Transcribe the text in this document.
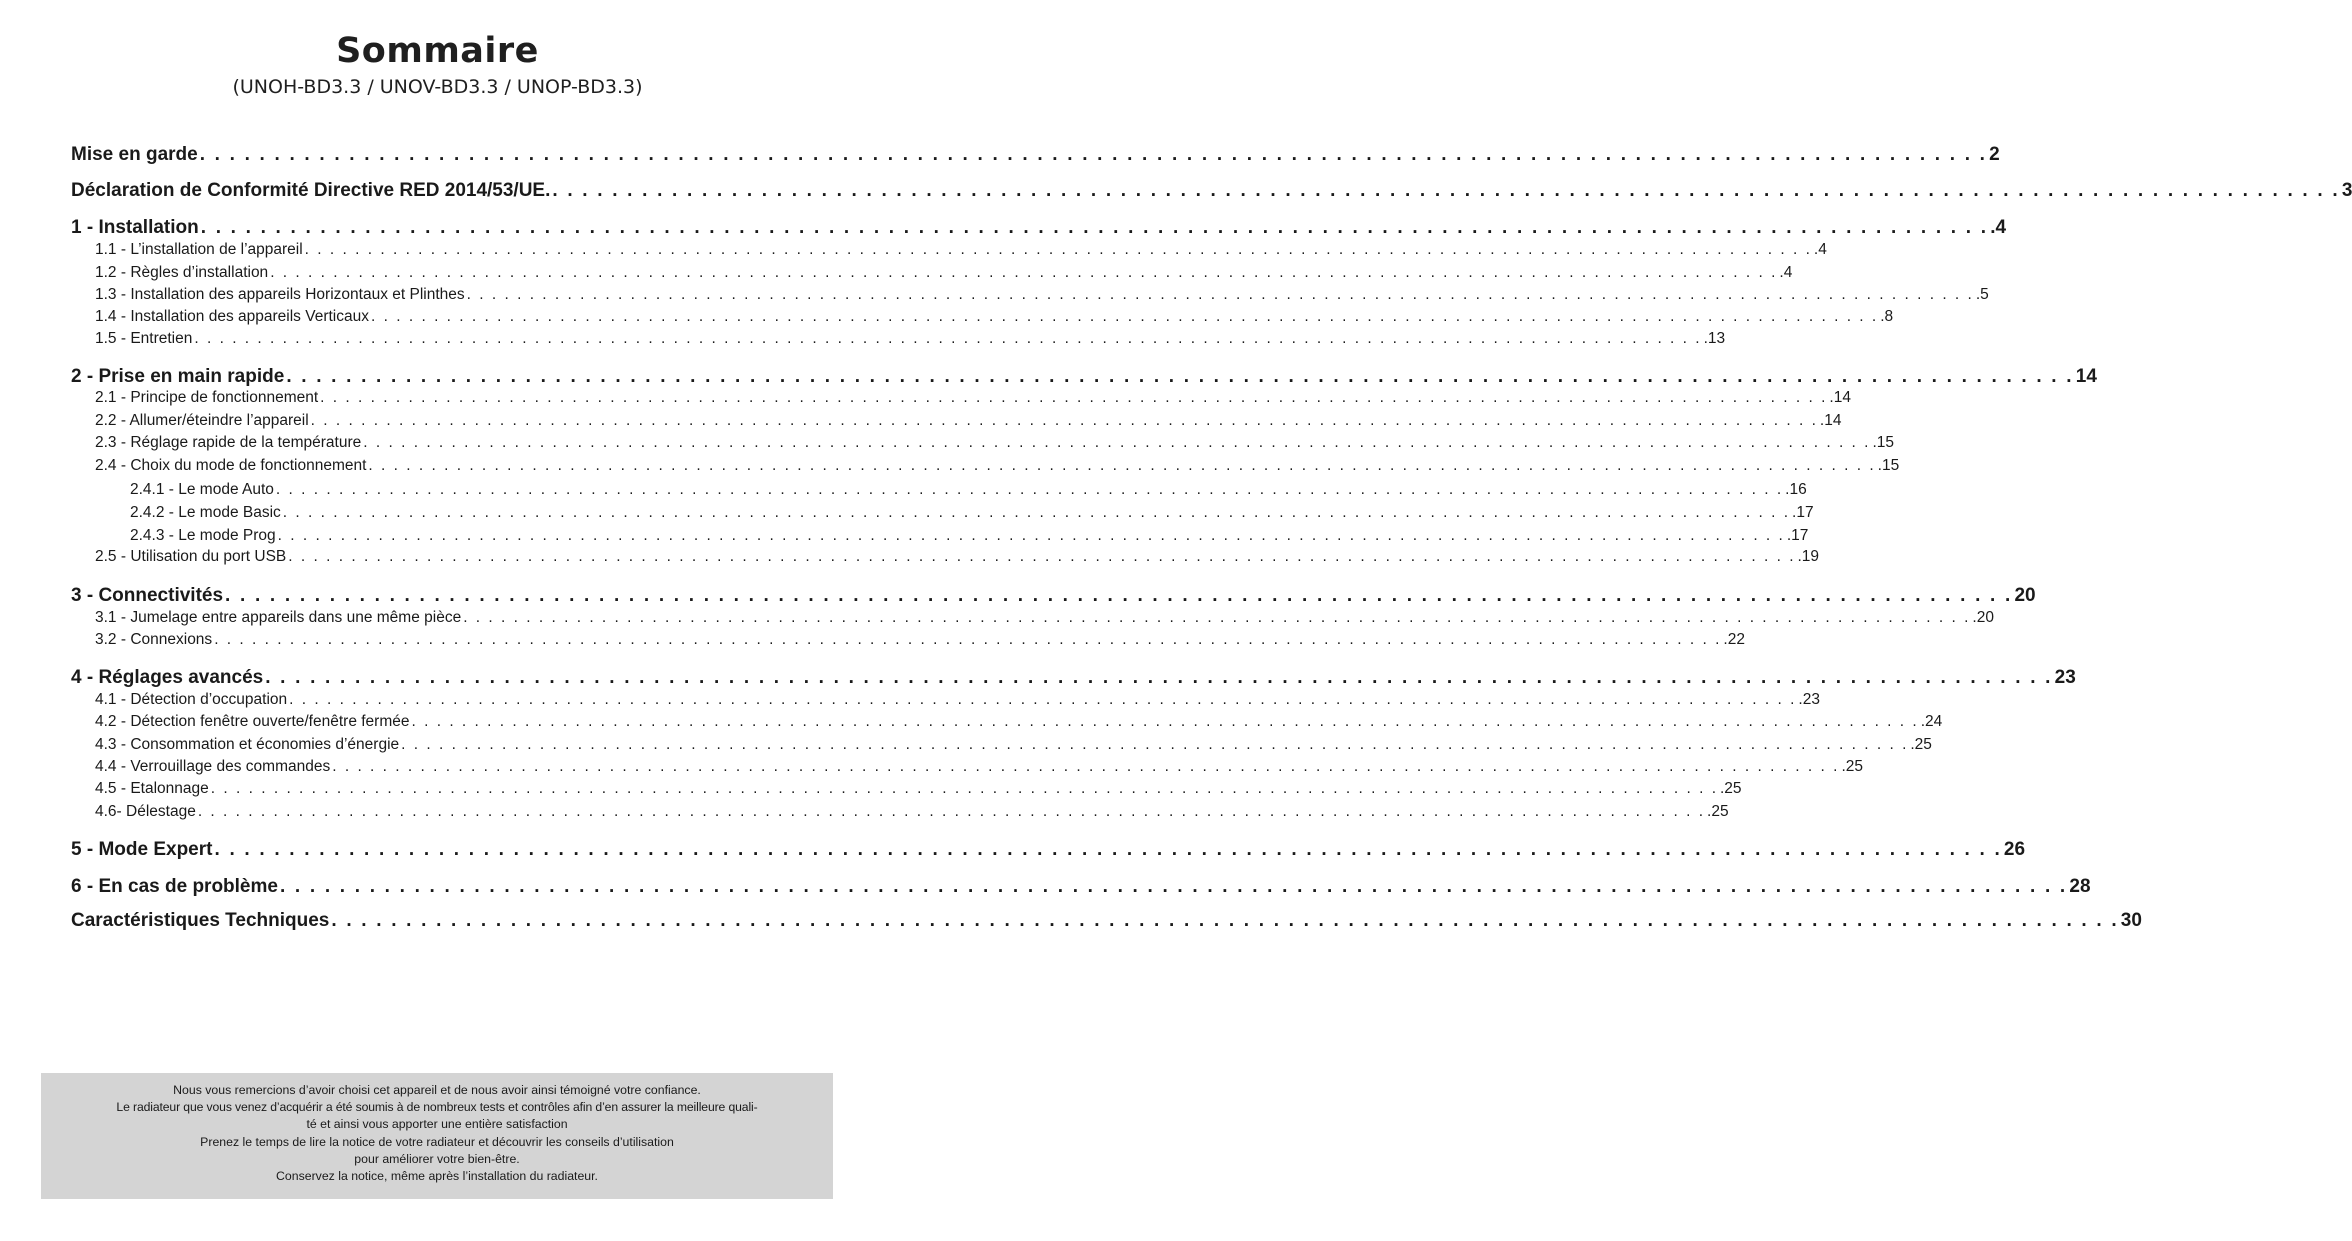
Sommaire
(UNOH-BD3.3 / UNOV-BD3.3 / UNOP-BD3.3)
Mise en garde . . . . . . . . . . . . . . . . . . . . . . . . . . . . . . . . . . . . . . . . . . . . . . . . . . . . . . . . . . . . . . . . . . . . . . . . . . . . . . . . . . . . . . . . . . . . . . . . . . . . . . . . . . . . . . . . . . . . . . . . 2
Déclaration de Conformité Directive RED 2014/53/UE. . . . . . . . . . . . . . . . . . . . . . . . . . . . . . . . . . . . . . . . . . . . . . . . . . . . . . . . . . . . . . . . . . . . . . . . . . . . . . . . . . . . . . . . . . . . . . . . . . . . . . . . . . . . . . . . . . . . . . . . . 3
1 - Installation . . . . . . . . . . . . . . . . . . . . . . . . . . . . . . . . . . . . . . . . . . . . . . . . . . . . . . . . . . . . . . . . . . . . . . . . . . . . . . . . . . . . . . . . . . . . . . . . . . . . . . . . . . . . . . . . . . . . . . . . .4
1.1 - L’installation de l’appareil . . . . . . . . . . . . . . . . . . . . . . . . . . . . . . . . . . . . . . . . . . . . . . . . . . . . . . . . . . . . . . . . . . . . . . . . . . . . . . . . . . . . . . . . . . . . . . . . . . . . . . . . . . . . . . . . . . . . . . . . .4
1.2 - Règles d’installation . . . . . . . . . . . . . . . . . . . . . . . . . . . . . . . . . . . . . . . . . . . . . . . . . . . . . . . . . . . . . . . . . . . . . . . . . . . . . . . . . . . . . . . . . . . . . . . . . . . . . . . . . . . . . . . . . . . . . . . . .4
1.3 - Installation des appareils Horizontaux et Plinthes . . . . . . . . . . . . . . . . . . . . . . . . . . . . . . . . . . . . . . . . . . . . . . . . . . . . . . . . . . . . . . . . . . . . . . . . . . . . . . . . . . . . . . . . . . . . . . . . . . . . . . . . . . . . . . . . . . . . . . . . .5
1.4 - Installation des appareils Verticaux . . . . . . . . . . . . . . . . . . . . . . . . . . . . . . . . . . . . . . . . . . . . . . . . . . . . . . . . . . . . . . . . . . . . . . . . . . . . . . . . . . . . . . . . . . . . . . . . . . . . . . . . . . . . . . . . . . . . . . . . .8
1.5 - Entretien . . . . . . . . . . . . . . . . . . . . . . . . . . . . . . . . . . . . . . . . . . . . . . . . . . . . . . . . . . . . . . . . . . . . . . . . . . . . . . . . . . . . . . . . . . . . . . . . . . . . . . . . . . . . . . . . . . . . . . . . .13
2 - Prise en main rapide . . . . . . . . . . . . . . . . . . . . . . . . . . . . . . . . . . . . . . . . . . . . . . . . . . . . . . . . . . . . . . . . . . . . . . . . . . . . . . . . . . . . . . . . . . . . . . . . . . . . . . . . . . . . . . . . . . . . . . . . 14
2.1 - Principe de fonctionnement . . . . . . . . . . . . . . . . . . . . . . . . . . . . . . . . . . . . . . . . . . . . . . . . . . . . . . . . . . . . . . . . . . . . . . . . . . . . . . . . . . . . . . . . . . . . . . . . . . . . . . . . . . . . . . . . . . . . . . . . .14
2.2 - Allumer/éteindre l’appareil . . . . . . . . . . . . . . . . . . . . . . . . . . . . . . . . . . . . . . . . . . . . . . . . . . . . . . . . . . . . . . . . . . . . . . . . . . . . . . . . . . . . . . . . . . . . . . . . . . . . . . . . . . . . . . . . . . . . . . . . .14
2.3 - Réglage rapide de la température . . . . . . . . . . . . . . . . . . . . . . . . . . . . . . . . . . . . . . . . . . . . . . . . . . . . . . . . . . . . . . . . . . . . . . . . . . . . . . . . . . . . . . . . . . . . . . . . . . . . . . . . . . . . . . . . . . . . . . . . .15
2.4 - Choix du mode de fonctionnement . . . . . . . . . . . . . . . . . . . . . . . . . . . . . . . . . . . . . . . . . . . . . . . . . . . . . . . . . . . . . . . . . . . . . . . . . . . . . . . . . . . . . . . . . . . . . . . . . . . . . . . . . . . . . . . . . . . . . . . . .15
2.4.1 - Le mode Auto . . . . . . . . . . . . . . . . . . . . . . . . . . . . . . . . . . . . . . . . . . . . . . . . . . . . . . . . . . . . . . . . . . . . . . . . . . . . . . . . . . . . . . . . . . . . . . . . . . . . . . . . . . . . . . . . . . . . . . . . .16
2.4.2 - Le mode Basic . . . . . . . . . . . . . . . . . . . . . . . . . . . . . . . . . . . . . . . . . . . . . . . . . . . . . . . . . . . . . . . . . . . . . . . . . . . . . . . . . . . . . . . . . . . . . . . . . . . . . . . . . . . . . . . . . . . . . . . . .17
2.4.3 - Le mode Prog . . . . . . . . . . . . . . . . . . . . . . . . . . . . . . . . . . . . . . . . . . . . . . . . . . . . . . . . . . . . . . . . . . . . . . . . . . . . . . . . . . . . . . . . . . . . . . . . . . . . . . . . . . . . . . . . . . . . . . . . .17
2.5 - Utilisation du port USB . . . . . . . . . . . . . . . . . . . . . . . . . . . . . . . . . . . . . . . . . . . . . . . . . . . . . . . . . . . . . . . . . . . . . . . . . . . . . . . . . . . . . . . . . . . . . . . . . . . . . . . . . . . . . . . . . . . . . . . . .19
3 - Connectivités . . . . . . . . . . . . . . . . . . . . . . . . . . . . . . . . . . . . . . . . . . . . . . . . . . . . . . . . . . . . . . . . . . . . . . . . . . . . . . . . . . . . . . . . . . . . . . . . . . . . . . . . . . . . . . . . . . . . . . . . 20
3.1 - Jumelage entre appareils dans une même pièce . . . . . . . . . . . . . . . . . . . . . . . . . . . . . . . . . . . . . . . . . . . . . . . . . . . . . . . . . . . . . . . . . . . . . . . . . . . . . . . . . . . . . . . . . . . . . . . . . . . . . . . . . . . . . . . . . . . . . . . . .20
3.2 - Connexions . . . . . . . . . . . . . . . . . . . . . . . . . . . . . . . . . . . . . . . . . . . . . . . . . . . . . . . . . . . . . . . . . . . . . . . . . . . . . . . . . . . . . . . . . . . . . . . . . . . . . . . . . . . . . . . . . . . . . . . . .22
4 - Réglages avancés . . . . . . . . . . . . . . . . . . . . . . . . . . . . . . . . . . . . . . . . . . . . . . . . . . . . . . . . . . . . . . . . . . . . . . . . . . . . . . . . . . . . . . . . . . . . . . . . . . . . . . . . . . . . . . . . . . . . . . . . 23
4.1 - Détection d’occupation . . . . . . . . . . . . . . . . . . . . . . . . . . . . . . . . . . . . . . . . . . . . . . . . . . . . . . . . . . . . . . . . . . . . . . . . . . . . . . . . . . . . . . . . . . . . . . . . . . . . . . . . . . . . . . . . . . . . . . . . .23
4.2 - Détection fenêtre ouverte/fenêtre fermée . . . . . . . . . . . . . . . . . . . . . . . . . . . . . . . . . . . . . . . . . . . . . . . . . . . . . . . . . . . . . . . . . . . . . . . . . . . . . . . . . . . . . . . . . . . . . . . . . . . . . . . . . . . . . . . . . . . . . . . . .24
4.3 - Consommation et économies d’énergie . . . . . . . . . . . . . . . . . . . . . . . . . . . . . . . . . . . . . . . . . . . . . . . . . . . . . . . . . . . . . . . . . . . . . . . . . . . . . . . . . . . . . . . . . . . . . . . . . . . . . . . . . . . . . . . . . . . . . . . . .25
4.4 - Verrouillage des commandes . . . . . . . . . . . . . . . . . . . . . . . . . . . . . . . . . . . . . . . . . . . . . . . . . . . . . . . . . . . . . . . . . . . . . . . . . . . . . . . . . . . . . . . . . . . . . . . . . . . . . . . . . . . . . . . . . . . . . . . . .25
4.5 - Etalonnage . . . . . . . . . . . . . . . . . . . . . . . . . . . . . . . . . . . . . . . . . . . . . . . . . . . . . . . . . . . . . . . . . . . . . . . . . . . . . . . . . . . . . . . . . . . . . . . . . . . . . . . . . . . . . . . . . . . . . . . . .25
4.6- Délestage . . . . . . . . . . . . . . . . . . . . . . . . . . . . . . . . . . . . . . . . . . . . . . . . . . . . . . . . . . . . . . . . . . . . . . . . . . . . . . . . . . . . . . . . . . . . . . . . . . . . . . . . . . . . . . . . . . . . . . . . .25
5 - Mode Expert . . . . . . . . . . . . . . . . . . . . . . . . . . . . . . . . . . . . . . . . . . . . . . . . . . . . . . . . . . . . . . . . . . . . . . . . . . . . . . . . . . . . . . . . . . . . . . . . . . . . . . . . . . . . . . . . . . . . . . . . 26
6 - En cas de problème . . . . . . . . . . . . . . . . . . . . . . . . . . . . . . . . . . . . . . . . . . . . . . . . . . . . . . . . . . . . . . . . . . . . . . . . . . . . . . . . . . . . . . . . . . . . . . . . . . . . . . . . . . . . . . . . . . . . . . . . 28
Caractéristiques Techniques . . . . . . . . . . . . . . . . . . . . . . . . . . . . . . . . . . . . . . . . . . . . . . . . . . . . . . . . . . . . . . . . . . . . . . . . . . . . . . . . . . . . . . . . . . . . . . . . . . . . . . . . . . . . . . . . . . . . . . . . 30
Nous vous remercions d’avoir choisi cet appareil et de nous avoir ainsi témoigné votre confiance.
Le radiateur que vous venez d’acquérir a été soumis à de nombreux tests et contrôles afin d’en assurer la meilleure quali-
té et ainsi vous apporter une entière satisfaction
Prenez le temps de lire la notice de votre radiateur et découvrir les conseils d’utilisation
pour améliorer votre bien-être.
Conservez la notice, même après l’installation du radiateur.
